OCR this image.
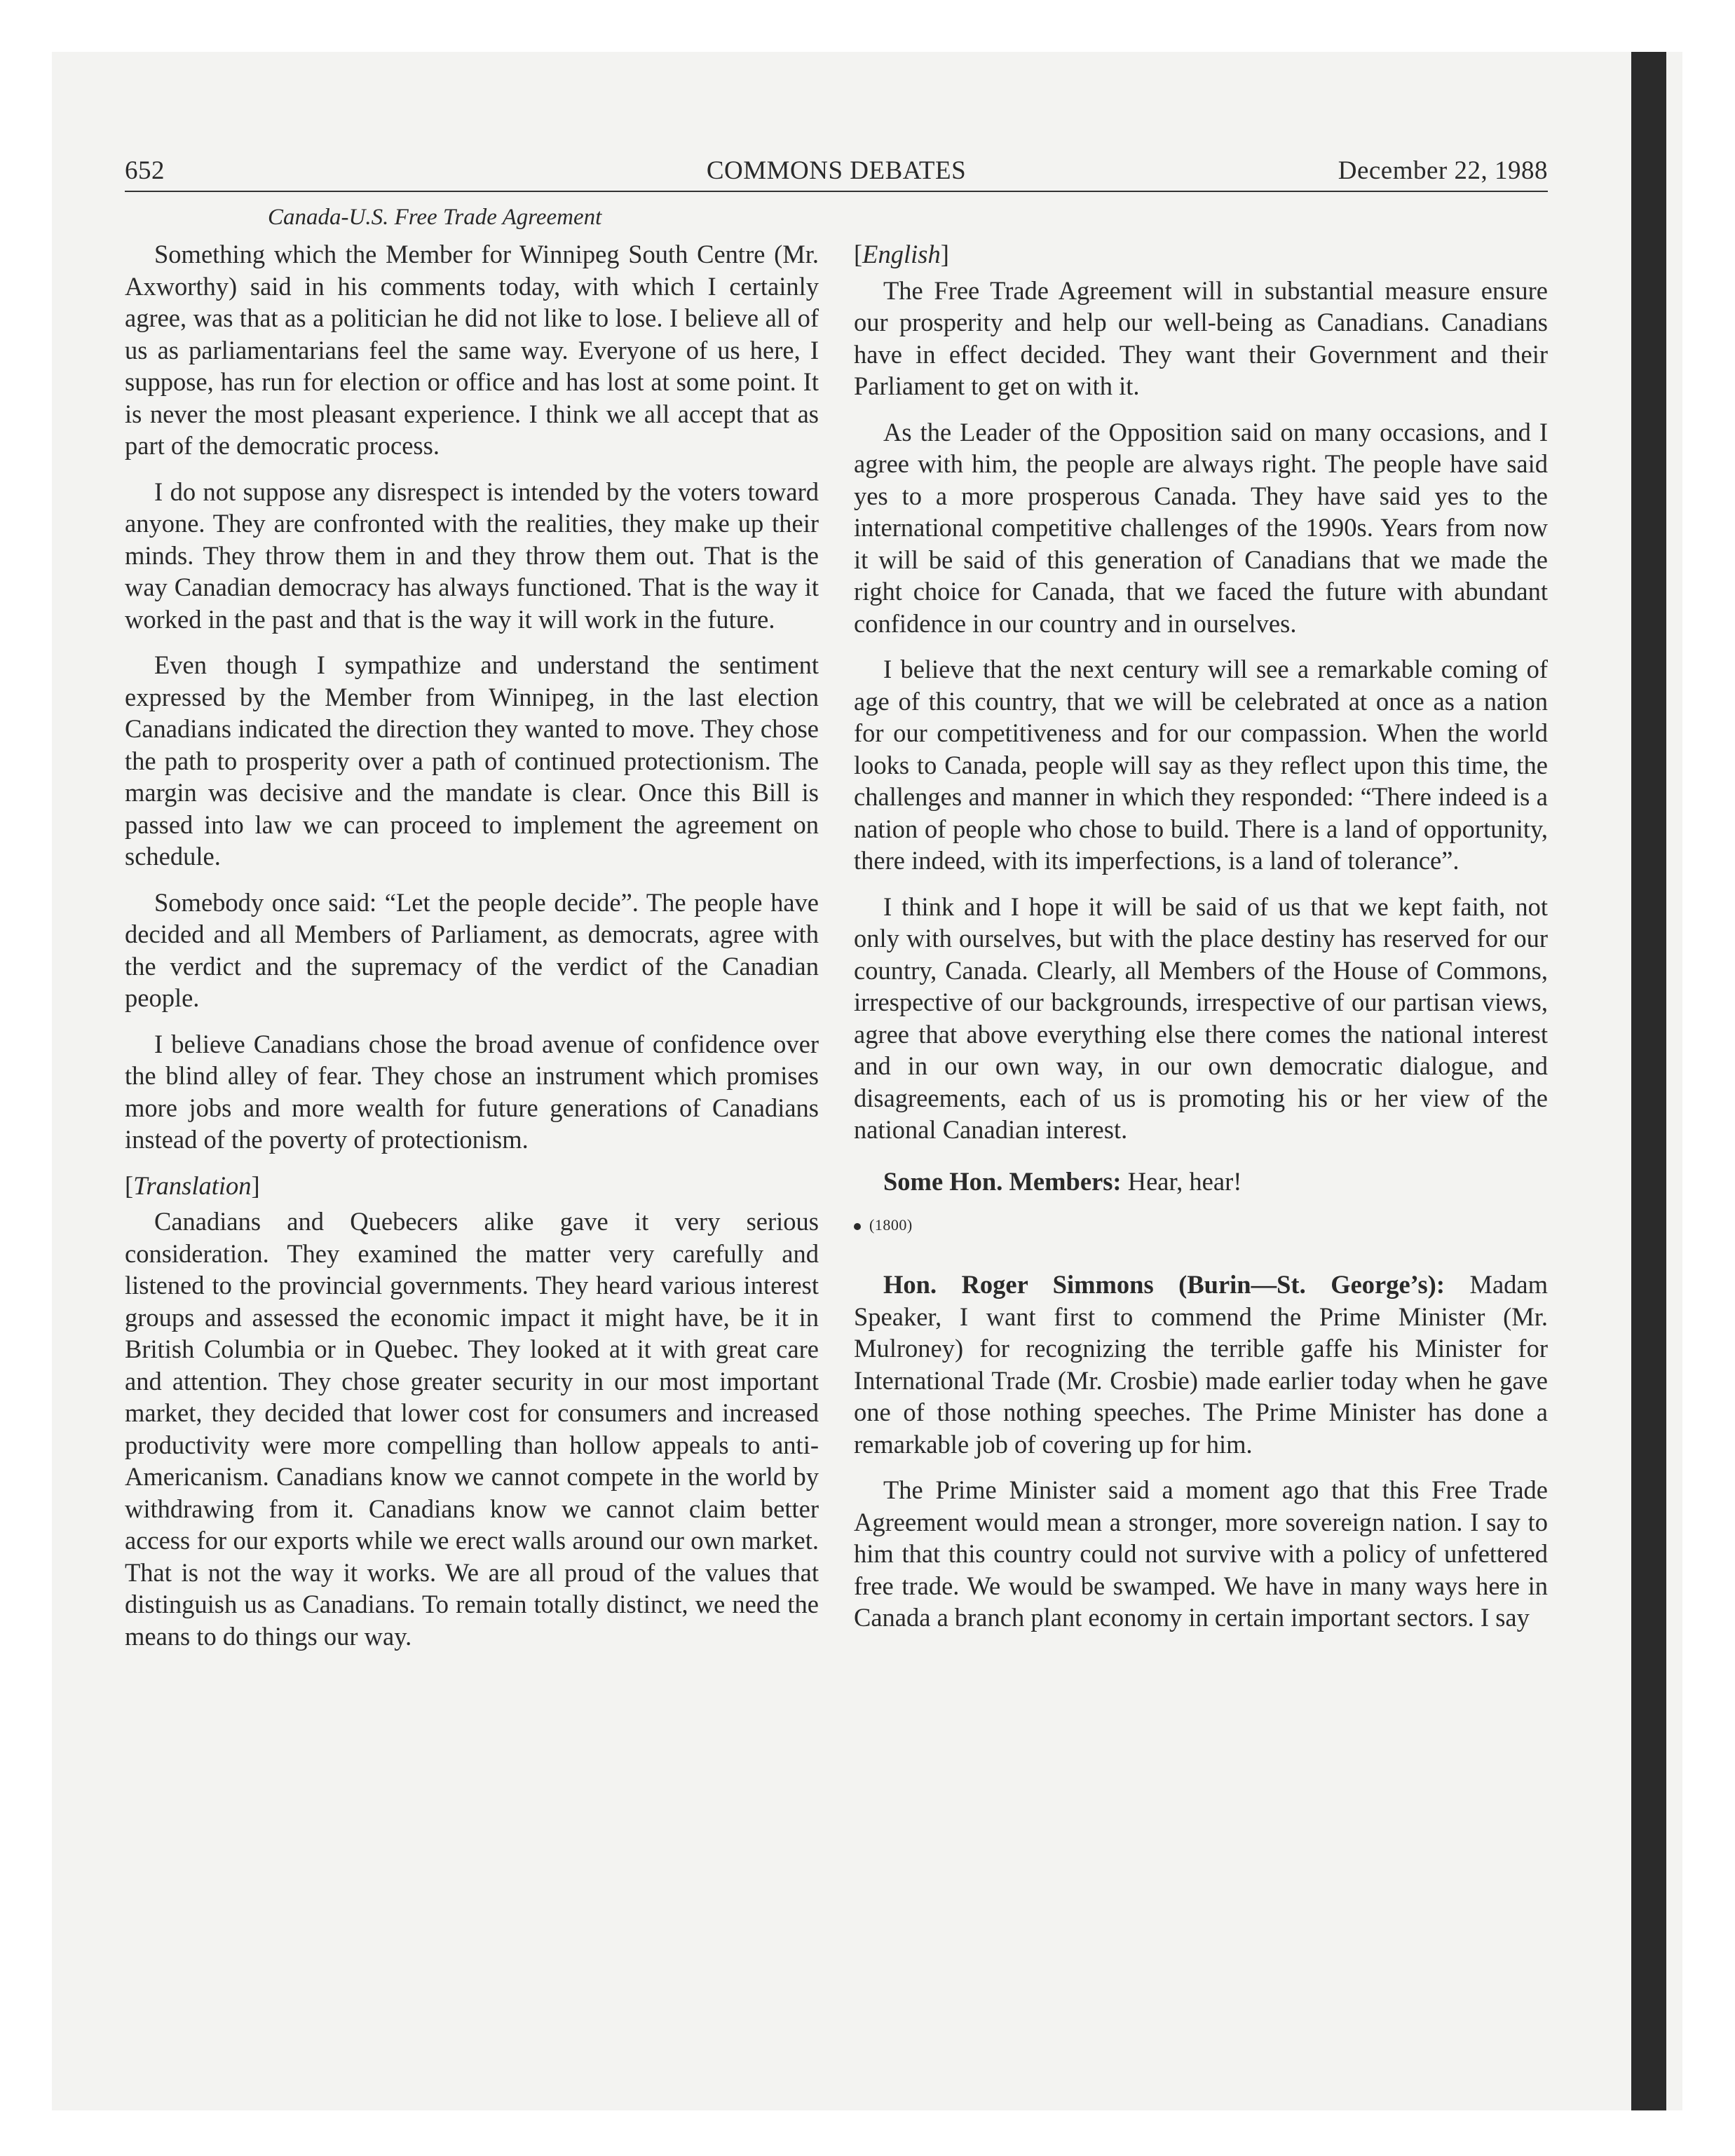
652	COMMONS DEBATES	December 22, 1988
Canada-U.S. Free Trade Agreement

Something which the Member for Winnipeg South Centre (Mr. Axworthy) said in his comments today, with which I certainly agree, was that as a politician he did not like to lose. I believe all of us as parliamentarians feel the same way. Everyone of us here, I suppose, has run for election or office and has lost at some point. It is never the most pleasant experience. I think we all accept that as part of the democratic process.

I do not suppose any disrespect is intended by the voters toward anyone. They are confronted with the realities, they make up their minds. They throw them in and they throw them out. That is the way Canadian democracy has always functioned. That is the way it worked in the past and that is the way it will work in the future.

Even though I sympathize and understand the sentiment expressed by the Member from Winnipeg, in the last election Canadians indicated the direction they wanted to move. They chose the path to prosperity over a path of continued protectionism. The margin was decisive and the mandate is clear. Once this Bill is passed into law we can proceed to implement the agreement on schedule.

Somebody once said: “Let the people decide”. The people have decided and all Members of Parliament, as democrats, agree with the verdict and the supremacy of the verdict of the Canadian people.

I believe Canadians chose the broad avenue of confidence over the blind alley of fear. They chose an instrument which promises more jobs and more wealth for future generations of Canadians instead of the poverty of protectionism.

[Translation]

Canadians and Quebecers alike gave it very serious consideration. They examined the matter very carefully and listened to the provincial governments. They heard various interest groups and assessed the economic impact it might have, be it in British Columbia or in Quebec. They looked at it with great care and attention. They chose greater security in our most important market, they decided that lower cost for consumers and increased productivity were more compelling than hollow appeals to anti-Americanism. Canadians know we cannot compete in the world by withdrawing from it. Canadians know we cannot claim better access for our exports while we erect walls around our own market. That is not the way it works. We are all proud of the values that distinguish us as Canadians. To remain totally distinct, we need the means to do things our way.

[English]

The Free Trade Agreement will in substantial measure ensure our prosperity and help our well-being as Canadians. Canadians have in effect decided. They want their Government and their Parliament to get on with it.

As the Leader of the Opposition said on many occasions, and I agree with him, the people are always right. The people have said yes to a more prosperous Canada. They have said yes to the international competitive challenges of the 1990s. Years from now it will be said of this generation of Canadians that we made the right choice for Canada, that we faced the future with abundant confidence in our country and in ourselves.

I believe that the next century will see a remarkable coming of age of this country, that we will be celebrated at once as a nation for our competitiveness and for our compassion. When the world looks to Canada, people will say as they reflect upon this time, the challenges and manner in which they responded: “There indeed is a nation of people who chose to build. There is a land of opportunity, there indeed, with its imperfections, is a land of tolerance”.

I think and I hope it will be said of us that we kept faith, not only with ourselves, but with the place destiny has reserved for our country, Canada. Clearly, all Members of the House of Commons, irrespective of our backgrounds, irrespective of our partisan views, agree that above everything else there comes the national interest and in our own way, in our own democratic dialogue, and disagreements, each of us is promoting his or her view of the national Canadian interest.

Some Hon. Members: Hear, hear!

(1800)

Hon. Roger Simmons (Burin—St. George’s): Madam Speaker, I want first to commend the Prime Minister (Mr. Mulroney) for recognizing the terrible gaffe his Minister for International Trade (Mr. Crosbie) made earlier today when he gave one of those nothing speeches. The Prime Minister has done a remarkable job of covering up for him.

The Prime Minister said a moment ago that this Free Trade Agreement would mean a stronger, more sovereign nation. I say to him that this country could not survive with a policy of unfettered free trade. We would be swamped. We have in many ways here in Canada a branch plant economy in certain important sectors. I say
